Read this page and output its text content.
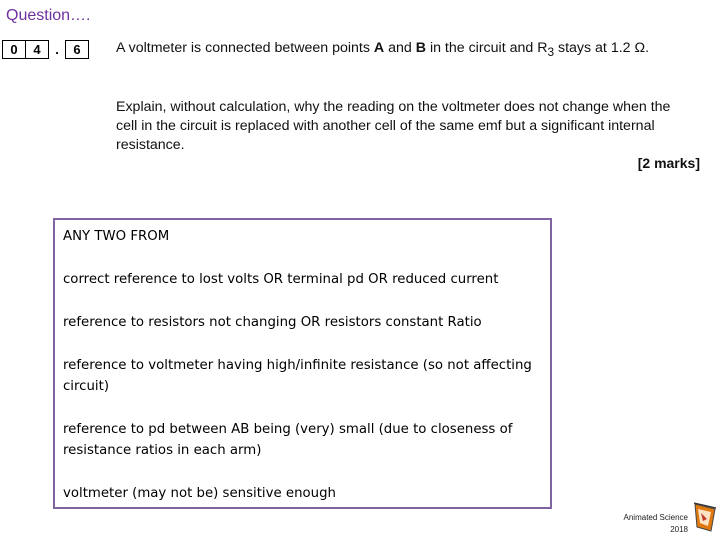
Question….
0	4	.	6	A voltmeter is connected between points A and B in the circuit and $R_3$ stays at 1.2 Ω.
Explain, without calculation, why the reading on the voltmeter does not change when the cell in the circuit is replaced with another cell of the same emf but a significant internal resistance.
[2 marks]

ANY TWO FROM

correct reference to lost volts OR terminal pd OR reduced current

reference to resistors not changing OR resistors constant Ratio

reference to voltmeter having high/infinite resistance (so not affecting circuit)

reference to pd between AB being (very) small (due to closeness of resistance ratios in each arm)

voltmeter (may not be) sensitive enough

Animated Science
2018
